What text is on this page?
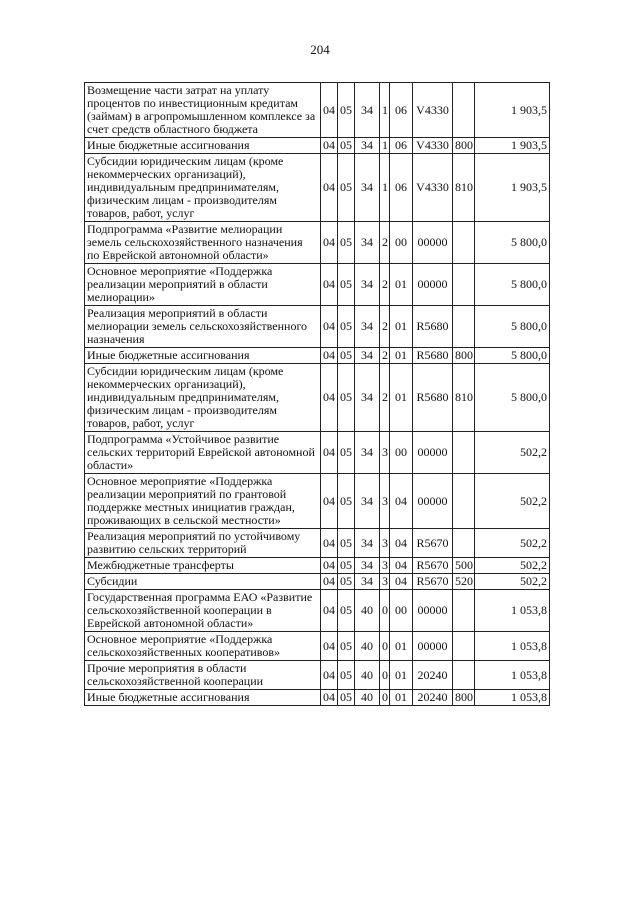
204
Возмещение части затрат на уплату процентов по инвестиционным кредитам (займам) в агропромышленном комплексе за счет средств областного бюджета	04	05	34	1	06	V4330		1 903,5
Иные бюджетные ассигнования	04	05	34	1	06	V4330	800	1 903,5
Субсидии юридическим лицам (кроме некоммерческих организаций), индивидуальным предпринимателям, физическим лицам - производителям товаров, работ, услуг	04	05	34	1	06	V4330	810	1 903,5
Подпрограмма «Развитие мелиорации земель сельскохозяйственного назначения по Еврейской автономной области»	04	05	34	2	00	00000		5 800,0
Основное мероприятие «Поддержка реализации мероприятий в области мелиорации»	04	05	34	2	01	00000		5 800,0
Реализация мероприятий в области мелиорации земель сельскохозяйственного назначения	04	05	34	2	01	R5680		5 800,0
Иные бюджетные ассигнования	04	05	34	2	01	R5680	800	5 800,0
Субсидии юридическим лицам (кроме некоммерческих организаций), индивидуальным предпринимателям, физическим лицам - производителям товаров, работ, услуг	04	05	34	2	01	R5680	810	5 800,0
Подпрограмма «Устойчивое развитие сельских территорий Еврейской автономной области»	04	05	34	3	00	00000		502,2
Основное мероприятие «Поддержка реализации мероприятий по грантовой поддержке местных инициатив граждан, проживающих в сельской местности»	04	05	34	3	04	00000		502,2
Реализация мероприятий по устойчивому развитию сельских территорий	04	05	34	3	04	R5670		502,2
Межбюджетные трансферты	04	05	34	3	04	R5670	500	502,2
Субсидии	04	05	34	3	04	R5670	520	502,2
Государственная программа ЕАО «Развитие сельскохозяйственной кооперации в Еврейской автономной области»	04	05	40	0	00	00000		1 053,8
Основное мероприятие «Поддержка сельскохозяйственных кооперативов»	04	05	40	0	01	00000		1 053,8
Прочие мероприятия в области сельскохозяйственной кооперации	04	05	40	0	01	20240		1 053,8
Иные бюджетные ассигнования	04	05	40	0	01	20240	800	1 053,8
